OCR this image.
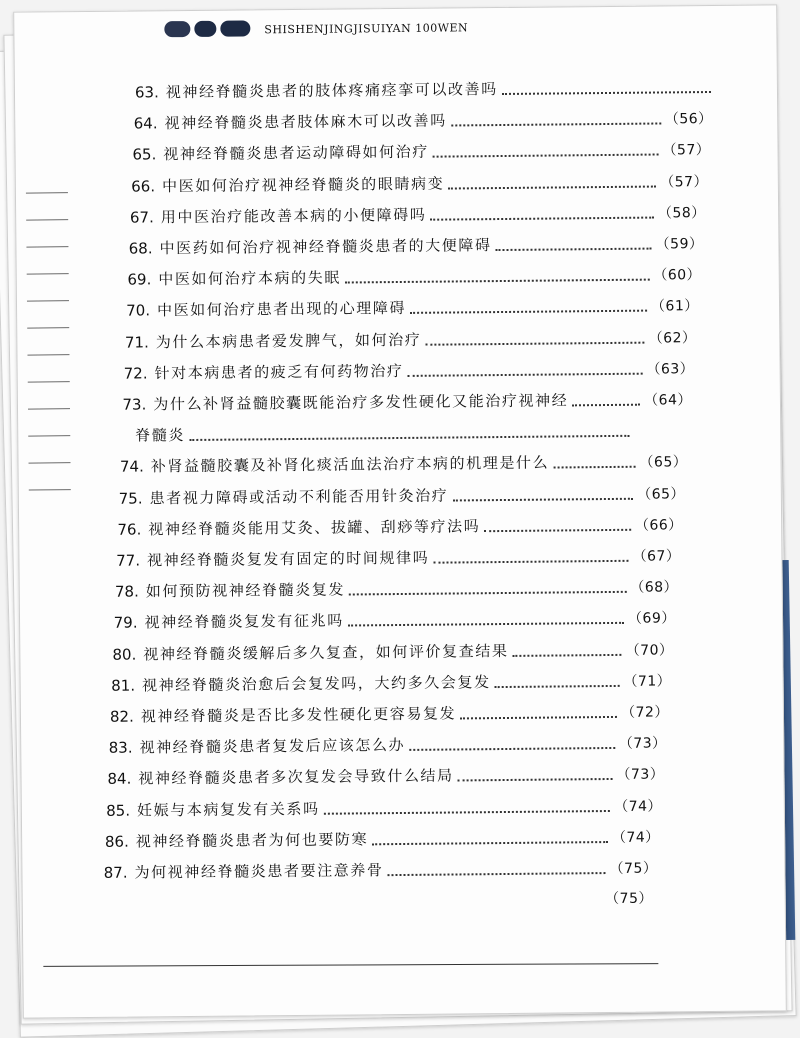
SHISHENJINGJISUIYAN 100WEN
63. 视神经脊髓炎患者的肢体疼痛痉挛可以改善吗
64. 视神经脊髓炎患者肢体麻木可以改善吗	（56）
65. 视神经脊髓炎患者运动障碍如何治疗	（57）
66. 中医如何治疗视神经脊髓炎的眼睛病变	（57）
67. 用中医治疗能改善本病的小便障碍吗	（58）
68. 中医药如何治疗视神经脊髓炎患者的大便障碍	（59）
69. 中医如何治疗本病的失眠	（60）
70. 中医如何治疗患者出现的心理障碍	（61）
71. 为什么本病患者爱发脾气，如何治疗	（62）
72. 针对本病患者的疲乏有何药物治疗	（63）
73. 为什么补肾益髓胶囊既能治疗多发性硬化又能治疗视神经	（64）
脊髓炎
74. 补肾益髓胶囊及补肾化痰活血法治疗本病的机理是什么	（65）
75. 患者视力障碍或活动不利能否用针灸治疗	（65）
76. 视神经脊髓炎能用艾灸、拔罐、刮痧等疗法吗	（66）
77. 视神经脊髓炎复发有固定的时间规律吗	（67）
78. 如何预防视神经脊髓炎复发	（68）
79. 视神经脊髓炎复发有征兆吗	（69）
80. 视神经脊髓炎缓解后多久复查，如何评价复查结果	（70）
81. 视神经脊髓炎治愈后会复发吗，大约多久会复发	（71）
82. 视神经脊髓炎是否比多发性硬化更容易复发	（72）
83. 视神经脊髓炎患者复发后应该怎么办	（73）
84. 视神经脊髓炎患者多次复发会导致什么结局	（73）
85. 妊娠与本病复发有关系吗	（74）
86. 视神经脊髓炎患者为何也要防寒	（74）
87. 为何视神经脊髓炎患者要注意养骨	（75）
（75）
